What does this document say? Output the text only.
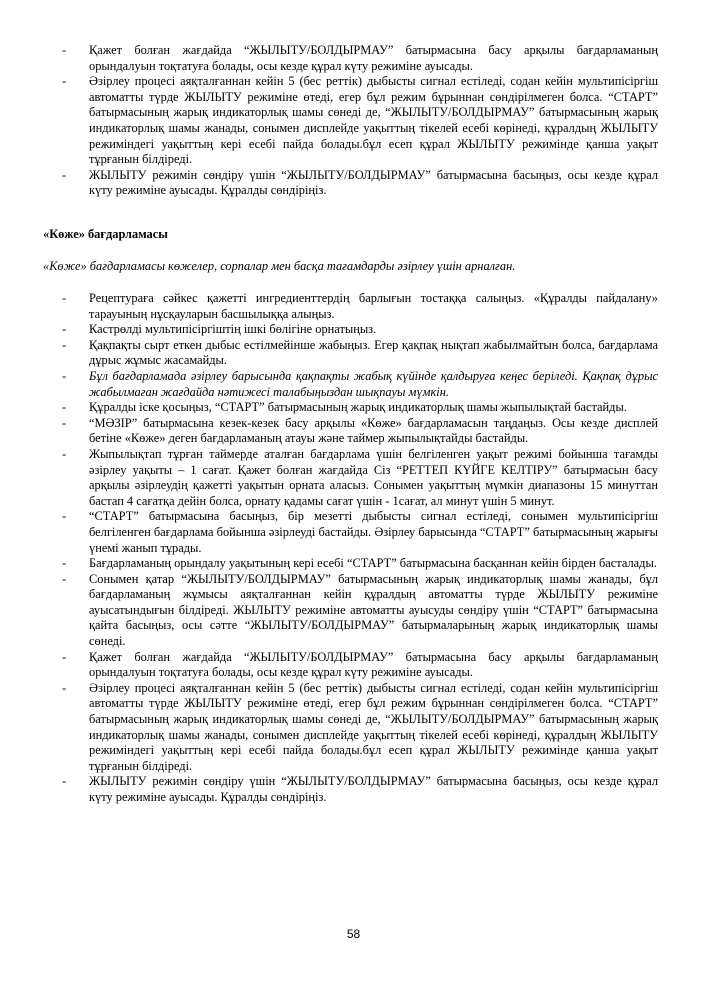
- Қажет болған жағдайда “ЖЫЛЫТУ/БОЛДЫРМАУ” батырмасына басу арқылы бағдарламаның орындалуын тоқтатуға болады, осы кезде құрал күту режиміне ауысады.
- Әзірлеу процесі аяқталғаннан кейін 5 (бес реттік) дыбысты сигнал естіледі, содан кейін мультипісіргіш автоматты түрде ЖЫЛЫТУ режиміне өтеді, егер бұл режим бұрыннан сөндірілмеген болса. “СТАРТ” батырмасының жарық индикаторлық шамы сөнеді де, “ЖЫЛЫТУ/БОЛДЫРМАУ” батырмасының жарық индикаторлық шамы жанады, сонымен дисплейде уақыттың тікелей есебі көрінеді, құралдың ЖЫЛЫТУ режиміндегі уақыттың кері есебі пайда болады.бұл есеп құрал ЖЫЛЫТУ режимінде қанша уақыт тұрғанын білдіреді.
- ЖЫЛЫТУ режимін сөндіру үшін “ЖЫЛЫТУ/БОЛДЫРМАУ” батырмасына басыңыз, осы кезде құрал күту режиміне ауысады. Құралды сөндіріңіз.
«Көже» бағдарламасы
«Көже» бағдарламасы көжелер, сорпалар мен басқа тағамдарды әзірлеу үшін арналған.
- Рецептураға сәйкес қажетті ингредиенттердің барлығын тостаққа салыңыз. «Құралды пайдалану» тарауының нұсқауларын басшылыққа алыңыз.
- Кастрөлді мультипісіргіштің ішкі бөлігіне орнатыңыз.
- Қақпақты сырт еткен дыбыс естілмейінше жабыңыз. Егер қақпақ нықтап жабылмайтын болса, бағдарлама дұрыс жұмыс жасамайды.
- Бұл бағдарламада әзірлеу барысында қақпақты жабық күйінде қалдыруға кеңес беріледі. Қақпақ дұрыс жабылмаған жағдайда нәтижесі талабыңыздан шықпауы мүмкін.
- Құралды іске қосыңыз, “СТАРТ” батырмасының жарық индикаторлық шамы жыпылықтай бастайды.
- “МӘЗІР” батырмасына кезек-кезек басу арқылы «Көже» бағдарламасын таңдаңыз. Осы кезде дисплей бетіне «Көже» деген бағдарламаның атауы және таймер жыпылықтайды бастайды.
- Жыпылықтап тұрған таймерде аталған бағдарлама үшін белгіленген уақыт режимі бойынша тағамды әзірлеу уақыты – 1 сағат. Қажет болған жағдайда Сіз “РЕТТЕП КҮЙГЕ КЕЛТІРУ” батырмасын басу арқылы әзірлеудің қажетті уақытын орната аласыз. Сонымен уақыттың мүмкін диапазоны 15 минуттан бастап 4 сағатқа дейін болса, орнату қадамы сағат үшін - 1сағат, ал минут үшін 5 минут.
- “СТАРТ” батырмасына басыңыз, бір мезетті дыбысты сигнал естіледі, сонымен мультипісіргіш белгіленген бағдарлама бойынша әзірлеуді бастайды. Әзірлеу барысында “СТАРТ” батырмасының жарығы үнемі жанып тұрады.
- Бағдарламаның орындалу уақытының кері есебі “СТАРТ” батырмасына басқаннан кейін бірден басталады.
- Сонымен қатар “ЖЫЛЫТУ/БОЛДЫРМАУ” батырмасының жарық индикаторлық шамы жанады, бұл бағдарламаның жұмысы аяқталғаннан кейін құралдың автоматты түрде ЖЫЛЫТУ режиміне ауысатындығын білдіреді. ЖЫЛЫТУ режиміне автоматты ауысуды сөндіру үшін “СТАРТ” батырмасына қайта басыңыз, осы сәтте “ЖЫЛЫТУ/БОЛДЫРМАУ” батырмаларының жарық индикаторлық шамы сөнеді.
- Қажет болған жағдайда “ЖЫЛЫТУ/БОЛДЫРМАУ” батырмасына басу арқылы бағдарламаның орындалуын тоқтатуға болады, осы кезде құрал күту режиміне ауысады.
- Әзірлеу процесі аяқталғаннан кейін 5 (бес реттік) дыбысты сигнал естіледі, содан кейін мультипісіргіш автоматты түрде ЖЫЛЫТУ режиміне өтеді, егер бұл режим бұрыннан сөндірілмеген болса. “СТАРТ” батырмасының жарық индикаторлық шамы сөнеді де, “ЖЫЛЫТУ/БОЛДЫРМАУ” батырмасының жарық индикаторлық шамы жанады, сонымен дисплейде уақыттың тікелей есебі көрінеді, құралдың ЖЫЛЫТУ режиміндегі уақыттың кері есебі пайда болады.бұл есеп құрал ЖЫЛЫТУ режимінде қанша уақыт тұрғанын білдіреді.
- ЖЫЛЫТУ режимін сөндіру үшін “ЖЫЛЫТУ/БОЛДЫРМАУ” батырмасына басыңыз, осы кезде құрал күту режиміне ауысады. Құралды сөндіріңіз.
58
